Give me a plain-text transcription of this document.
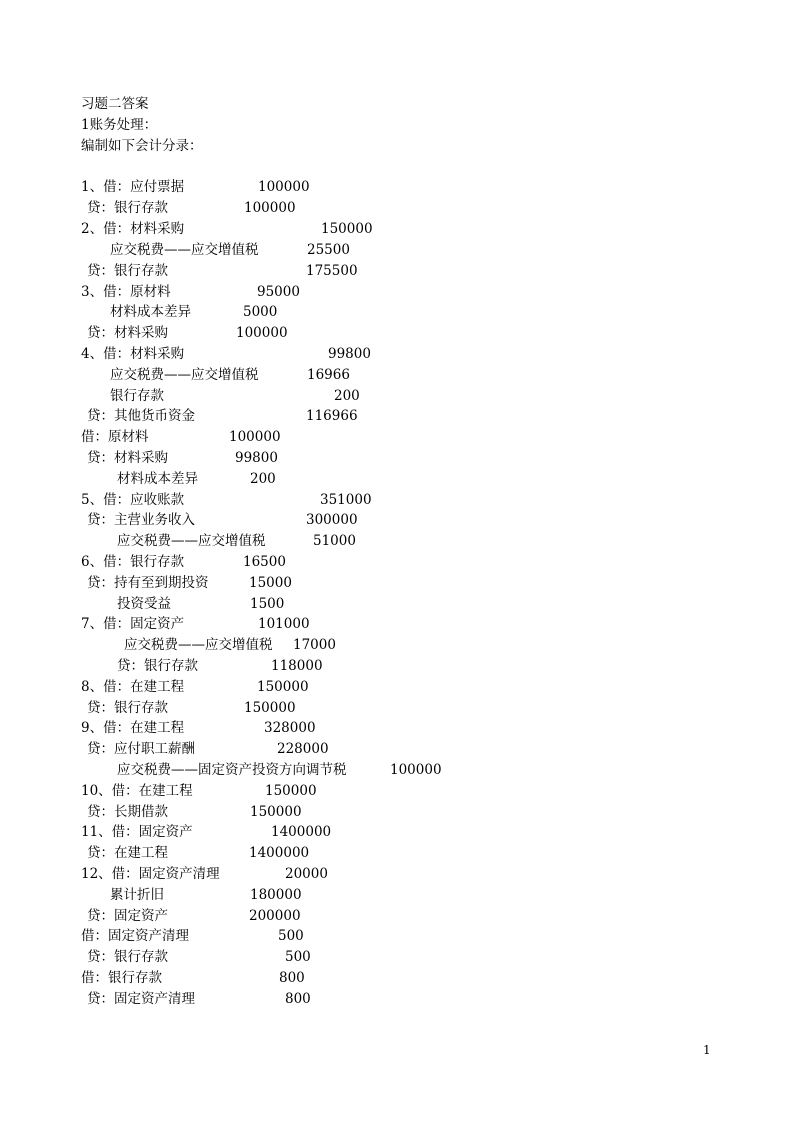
习题二答案
1账务处理：
编制如下会计分录：
1、借：应付票据	100000
贷：银行存款	100000
2、借：材料采购	150000
应交税费——应交增值税	25500
贷：银行存款	175500
3、借：原材料	95000
材料成本差异	5000
贷：材料采购	100000
4、借：材料采购	99800
应交税费——应交增值税	16966
银行存款	200
贷：其他货币资金	116966
借：原材料	100000
贷：材料采购	99800
材料成本差异	200
5、借：应收账款	351000
贷：主营业务收入	300000
应交税费——应交增值税	51000
6、借：银行存款	16500
贷：持有至到期投资	15000
投资受益	1500
7、借：固定资产	101000
应交税费——应交增值税 17000
贷：银行存款	118000
8、借：在建工程	150000
贷：银行存款	150000
9、借：在建工程	328000
贷：应付职工薪酬	228000
应交税费——固定资产投资方向调节税	100000
10、借：在建工程	150000
贷：长期借款	150000
11、借：固定资产	1400000
贷：在建工程	1400000
12、借：固定资产清理	20000
累计折旧	180000
贷：固定资产	200000
借：固定资产清理	500
贷：银行存款	500
借：银行存款	800
贷：固定资产清理	800
1
